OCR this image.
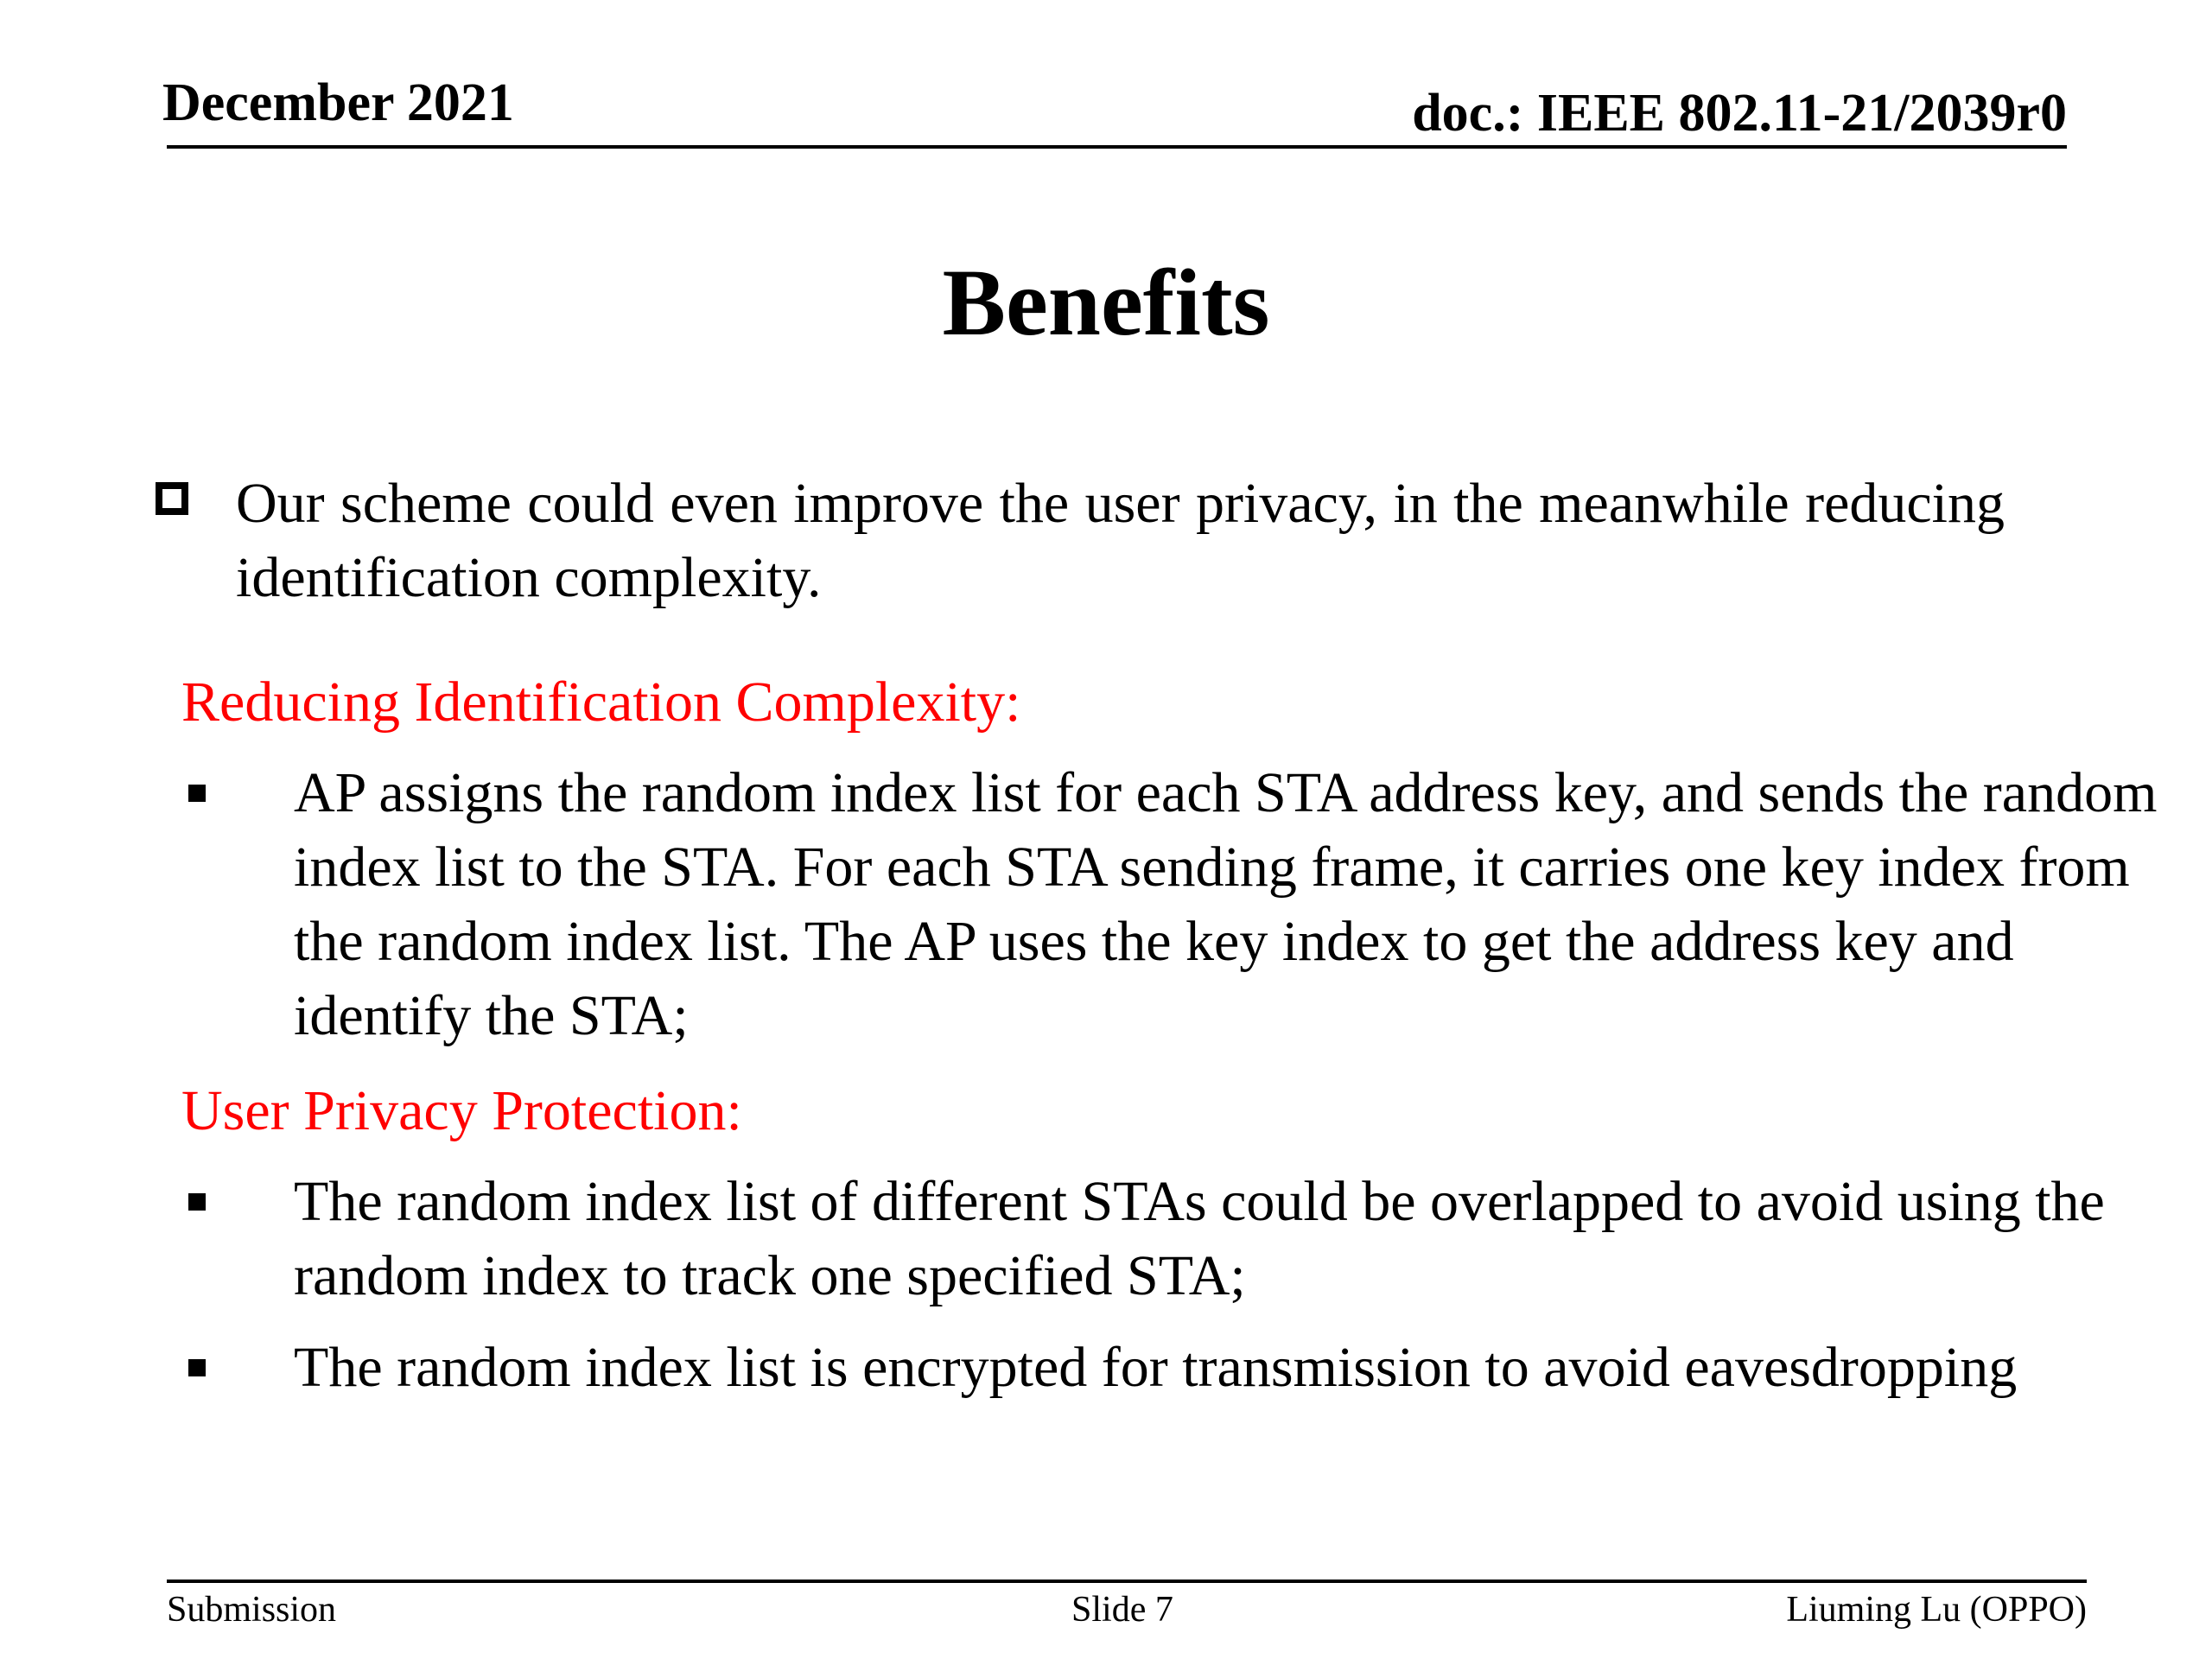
December 2021	doc.: IEEE 802.11-21/2039r0
Benefits
Our scheme could even improve the user privacy, in the meanwhile reducing identification complexity.
Reducing Identification Complexity:
AP assigns the random index list for each STA address key, and sends the random index list to the STA. For each STA sending frame, it carries one key index from the random index list. The AP uses the key index to get the address key and identify the STA;
User Privacy Protection:
The random index list of different STAs could be overlapped to avoid using the random index to track one specified STA;
The random index list is encrypted for transmission to avoid eavesdropping
Submission	Slide 7	Liuming Lu (OPPO)
